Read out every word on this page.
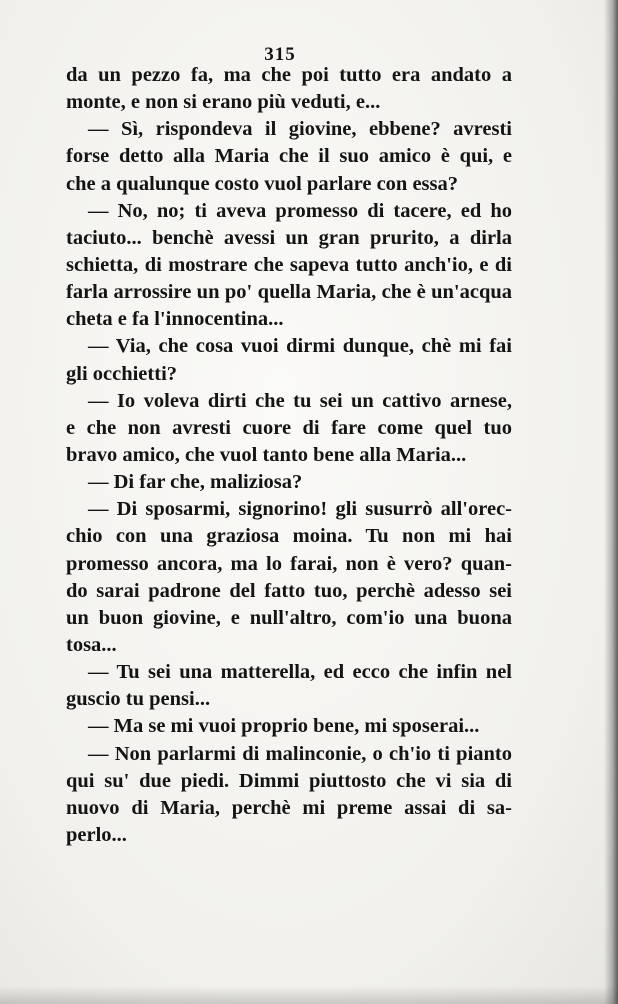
315
da un pezzo fa, ma che poi tutto era andato a
monte, e non si erano più veduti, e...
— Sì, rispondeva il giovine, ebbene? avresti
forse detto alla Maria che il suo amico è qui, e
che a qualunque costo vuol parlare con essa?
— No, no; ti aveva promesso di tacere, ed ho
taciuto... benchè avessi un gran prurito, a dirla
schietta, di mostrare che sapeva tutto anch'io, e di
farla arrossire un po' quella Maria, che è un'acqua
cheta e fa l'innocentina...
— Via, che cosa vuoi dirmi dunque, chè mi fai
gli occhietti?
— Io voleva dirti che tu sei un cattivo arnese,
e che non avresti cuore di fare come quel tuo
bravo amico, che vuol tanto bene alla Maria...
— Di far che, maliziosa?
— Di sposarmi, signorino! gli susurrò all'orec-
chio con una graziosa moina. Tu non mi hai
promesso ancora, ma lo farai, non è vero? quan-
do sarai padrone del fatto tuo, perchè adesso sei
un buon giovine, e null'altro, com'io una buona
tosa...
— Tu sei una matterella, ed ecco che infin nel
guscio tu pensi...
— Ma se mi vuoi proprio bene, mi sposerai...
— Non parlarmi di malinconie, o ch'io ti pianto
qui su' due piedi. Dimmi piuttosto che vi sia di
nuovo di Maria, perchè mi preme assai di sa-
perlo...
